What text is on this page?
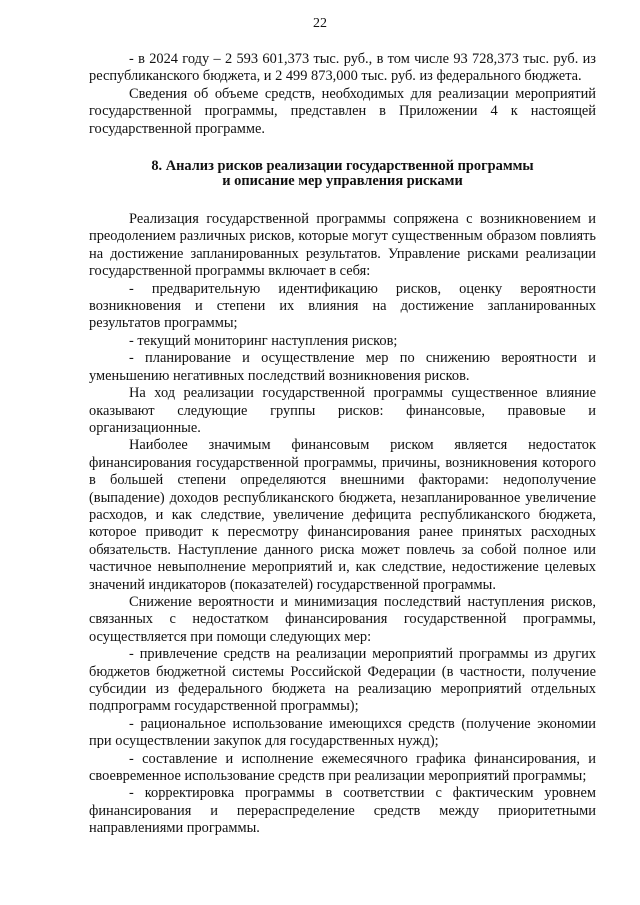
22

- в 2024 году – 2 593 601,373 тыс. руб., в том числе 93 728,373 тыс. руб. из республиканского бюджета, и 2 499 873,000 тыс. руб. из федерального бюджета.

Сведения об объеме средств, необходимых для реализации мероприятий государственной программы, представлен в Приложении 4 к настоящей государственной программе.

8. Анализ рисков реализации государственной программы
и описание мер управления рисками

Реализация государственной программы сопряжена с возникновением и преодолением различных рисков, которые могут существенным образом повлиять на достижение запланированных результатов. Управление рисками реализации государственной программы включает в себя:

- предварительную идентификацию рисков, оценку вероятности возникновения и степени их влияния на достижение запланированных результатов программы;

- текущий мониторинг наступления рисков;

- планирование и осуществление мер по снижению вероятности и уменьшению негативных последствий возникновения рисков.

На ход реализации государственной программы существенное влияние оказывают следующие группы рисков: финансовые, правовые и организационные.

Наиболее значимым финансовым риском является недостаток финансирования государственной программы, причины, возникновения которого в большей степени определяются внешними факторами: недополучение (выпадение) доходов республиканского бюджета, незапланированное увеличение расходов, и как следствие, увеличение дефицита республиканского бюджета, которое приводит к пересмотру финансирования ранее принятых расходных обязательств. Наступление данного риска может повлечь за собой полное или частичное невыполнение мероприятий и, как следствие, недостижение целевых значений индикаторов (показателей) государственной программы.

Снижение вероятности и минимизация последствий наступления рисков, связанных с недостатком финансирования государственной программы, осуществляется при помощи следующих мер:

- привлечение средств на реализации мероприятий программы из других бюджетов бюджетной системы Российской Федерации (в частности, получение субсидии из федерального бюджета на реализацию мероприятий отдельных подпрограмм государственной программы);

- рациональное использование имеющихся средств (получение экономии при осуществлении закупок для государственных нужд);

- составление и исполнение ежемесячного графика финансирования, и своевременное использование средств при реализации мероприятий программы;

- корректировка программы в соответствии с фактическим уровнем финансирования и перераспределение средств между приоритетными направлениями программы.
